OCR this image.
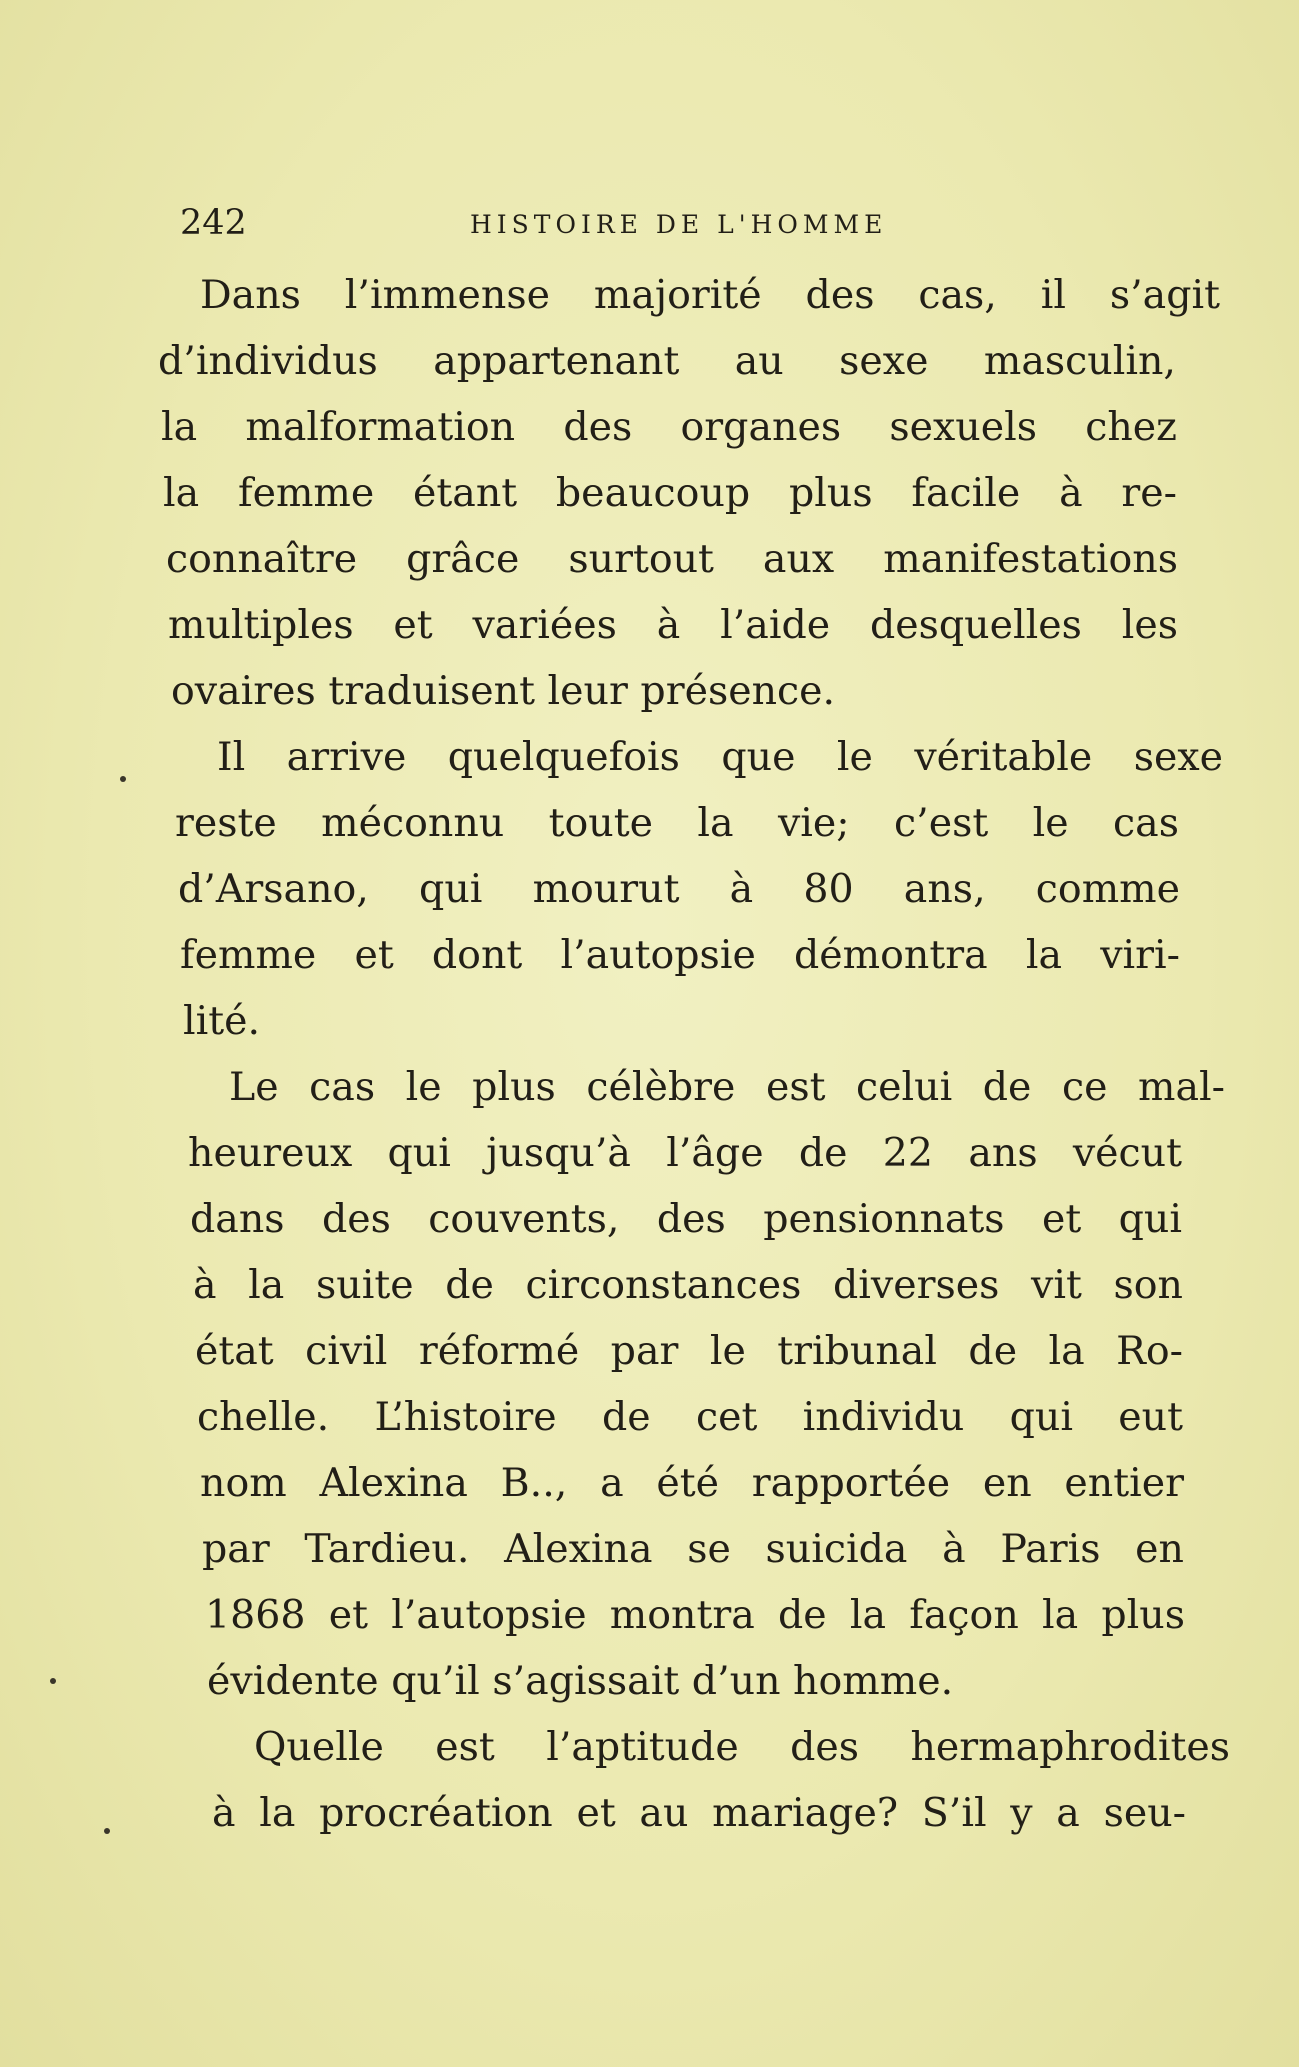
242	HISTOIRE DE L'HOMME
Dans l’immense majorité des cas, il s’agit
d’individus appartenant au sexe masculin,
la malformation des organes sexuels chez
la femme étant beaucoup plus facile à re-
connaître grâce surtout aux manifestations
multiples et variées à l’aide desquelles les
ovaires traduisent leur présence.
Il arrive quelquefois que le véritable sexe
reste méconnu toute la vie; c’est le cas
d’Arsano, qui mourut à 80 ans, comme
femme et dont l’autopsie démontra la viri-
lité.
Le cas le plus célèbre est celui de ce mal-
heureux qui jusqu’à l’âge de 22 ans vécut
dans des couvents, des pensionnats et qui
à la suite de circonstances diverses vit son
état civil réformé par le tribunal de la Ro-
chelle. L’histoire de cet individu qui eut
nom Alexina B.., a été rapportée en entier
par Tardieu. Alexina se suicida à Paris en
1868 et l’autopsie montra de la façon la plus
évidente qu’il s’agissait d’un homme.
Quelle est l’aptitude des hermaphrodites
à la procréation et au mariage? S’il y a seu-
